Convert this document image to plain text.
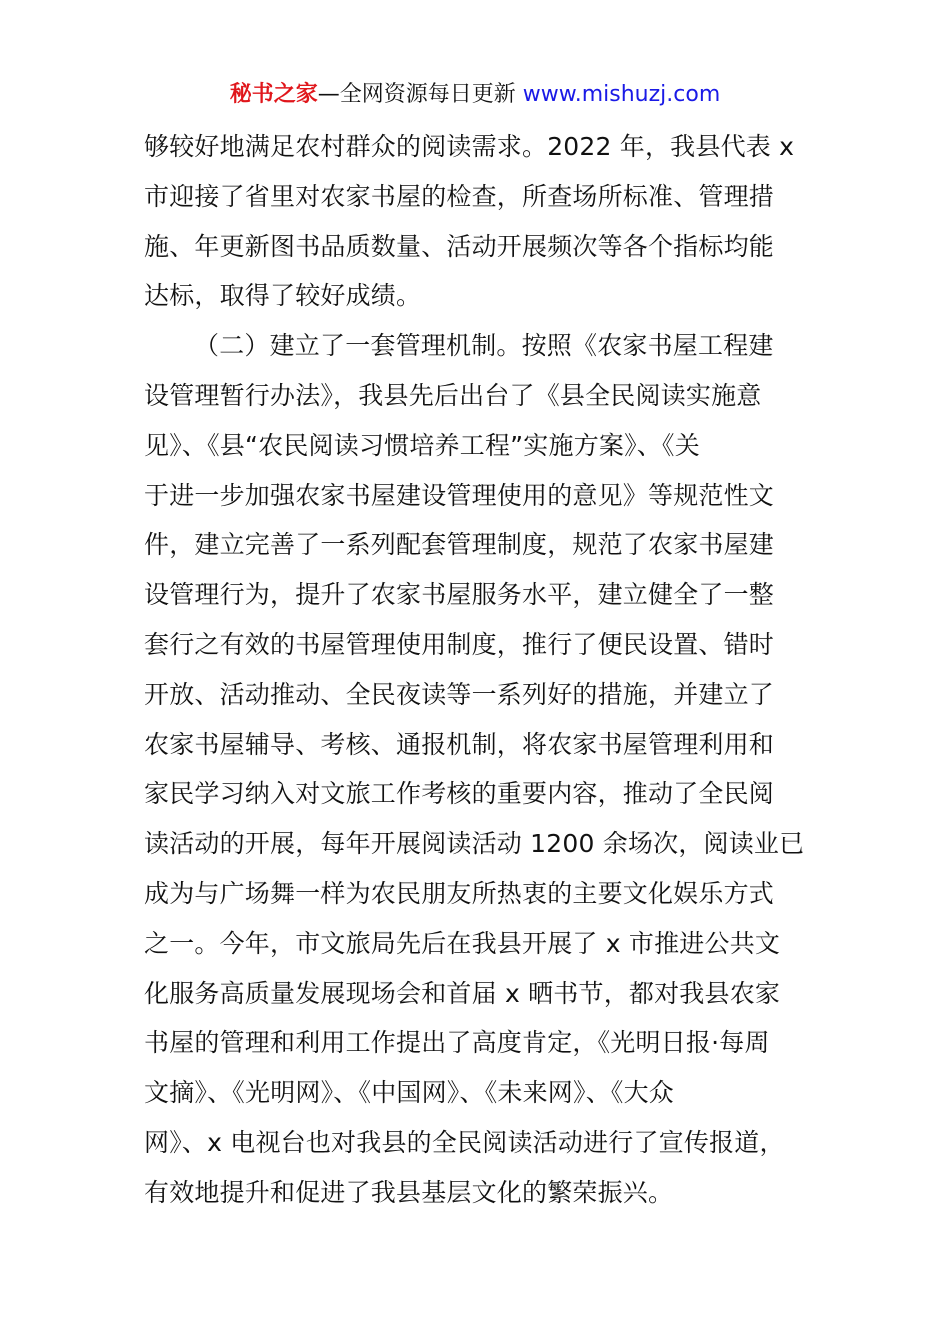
秘书之家—全网资源每日更新 www.mishuzj.com
够较好地满足农村群众的阅读需求。2022 年，我县代表 x
市迎接了省里对农家书屋的检查，所查场所标准、管理措
施、年更新图书品质数量、活动开展频次等各个指标均能
达标，取得了较好成绩。
（二）建立了一套管理机制。按照《农家书屋工程建
设管理暂行办法》，我县先后出台了《县全民阅读实施意
见》、《县“农民阅读习惯培养工程”实施方案》、《关
于进一步加强农家书屋建设管理使用的意见》等规范性文
件，建立完善了一系列配套管理制度，规范了农家书屋建
设管理行为，提升了农家书屋服务水平，建立健全了一整
套行之有效的书屋管理使用制度，推行了便民设置、错时
开放、活动推动、全民夜读等一系列好的措施，并建立了
农家书屋辅导、考核、通报机制，将农家书屋管理利用和
家民学习纳入对文旅工作考核的重要内容，推动了全民阅
读活动的开展，每年开展阅读活动 1200 余场次，阅读业已
成为与广场舞一样为农民朋友所热衷的主要文化娱乐方式
之一。今年，市文旅局先后在我县开展了 x 市推进公共文
化服务高质量发展现场会和首届 x 晒书节，都对我县农家
书屋的管理和利用工作提出了高度肯定，《光明日报·每周
文摘》、《光明网》、《中国网》、《未来网》、《大众
网》、x 电视台也对我县的全民阅读活动进行了宣传报道，
有效地提升和促进了我县基层文化的繁荣振兴。
